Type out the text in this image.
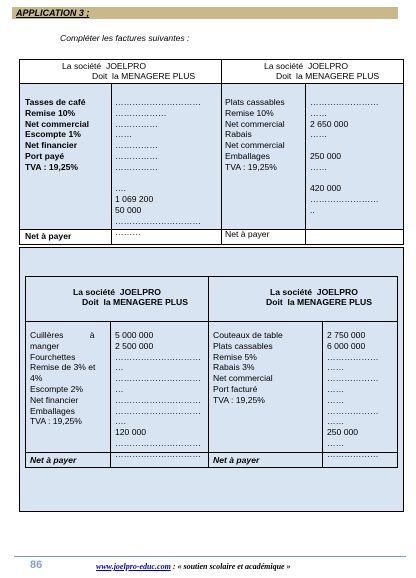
APPLICATION 3 ;
Compléter les factures suivantes :
La société  JOELPRO
Doit  la MENAGERE PLUS
Tasses de café
Remise 10%
Net commercial
Escompte 1%
Net financier
Port payé
TVA : 19,25%
…………………………
………………
……………
……
……………
……………
……………
….
1 069 200
50 000
…………………………
………
Net à payer
La société  JOELPRO
Doit  la MENAGERE PLUS
Plats cassables
Remise 10%
Net commercial
Rabais
Net commercial
Emballages
TVA : 19,25%
……………………
……
2 650 000
……
250 000
……
420 000
……………………
..
Net à payer
La société  JOELPRO
Doit  la MENAGERE PLUS
Cuillères           à
manger
Fourchettes
Remise de 3% et
4%
Escompte 2%
Net financier
Emballages
TVA : 19,25%
5 000 000
2 500 000
…………………………
…
…………………………
…
…………………………
…………………………
….
120 000
…………………………
…………………………
Net à payer
La société  JOELPRO
Doit  la MENAGERE PLUS
Couteaux de table
Plats cassables
Remise 5%
Rabais 3%
Net commercial
Port facturé
TVA : 19,25%
2 750 000
6 000 000
………………
……
………………
……
……
………………
……
250 000
……
………………
Net à payer
86	www.joelpro-educ.com : « soutien scolaire et académique »
